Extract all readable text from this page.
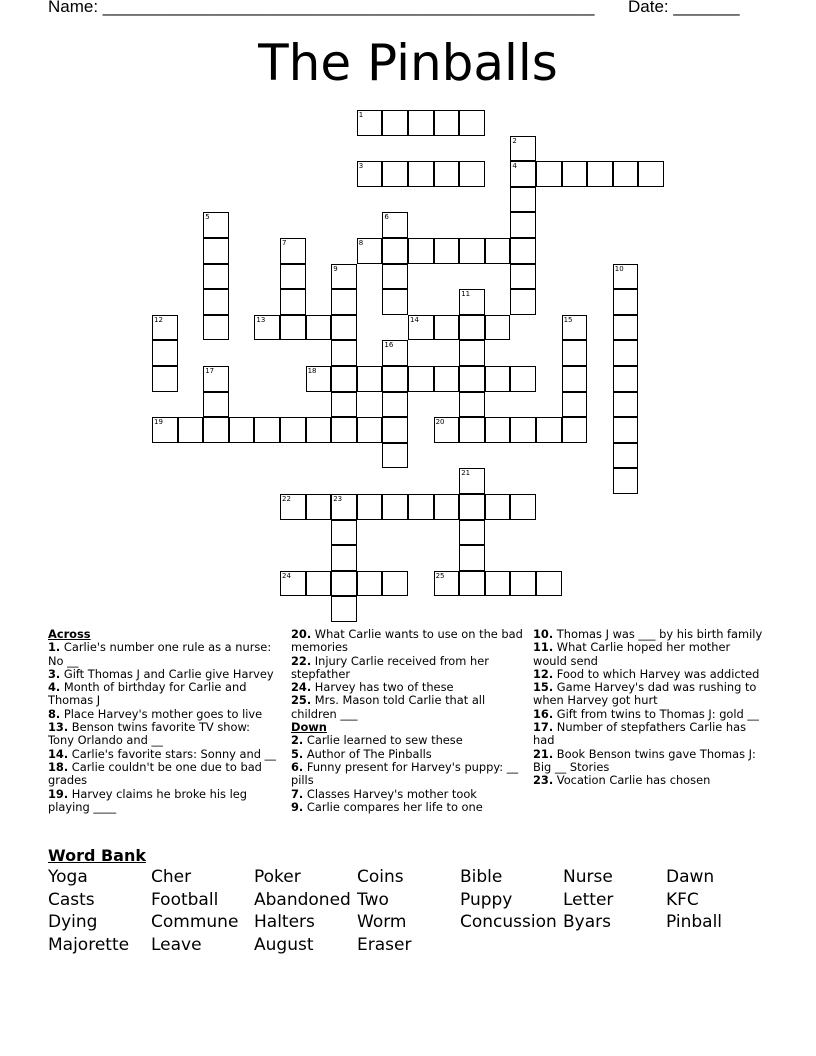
Name: ____________________________________________________ Date: _______
The Pinballs
1
3	4
8
13	14
18
19	20
22	23
24	25
2
5	6
7
9	10
11
12	15
16
17
21
Across

1. Carlie's number one rule as a nurse: No __

3. Gift Thomas J and Carlie give Harvey

4. Month of birthday for Carlie and Thomas J

8. Place Harvey's mother goes to live

13. Benson twins favorite TV show: Tony Orlando and __

14. Carlie's favorite stars: Sonny and __

18. Carlie couldn't be one due to bad grades

19. Harvey claims he broke his leg playing ____

20. What Carlie wants to use on the bad memories

22. Injury Carlie received from her stepfather

24. Harvey has two of these

25. Mrs. Mason told Carlie that all children ___

Down

2. Carlie learned to sew these

5. Author of The Pinballs

6. Funny present for Harvey's puppy: __ pills

7. Classes Harvey's mother took

9. Carlie compares her life to one

10. Thomas J was ___ by his birth family

11. What Carlie hoped her mother would send

12. Food to which Harvey was addicted

15. Game Harvey's dad was rushing to when Harvey got hurt

16. Gift from twins to Thomas J: gold __

17. Number of stepfathers Carlie has had

21. Book Benson twins gave Thomas J: Big __ Stories

23. Vocation Carlie has chosen

Word Bank
Yoga	Cher	Poker	Coins	Bible	Nurse	Dawn
Casts	Football Abandoned Two	Puppy	Letter	KFC
Dying	Commune Halters Worm	Concussion Byars	Pinball
Majorette Leave	August	Eraser
